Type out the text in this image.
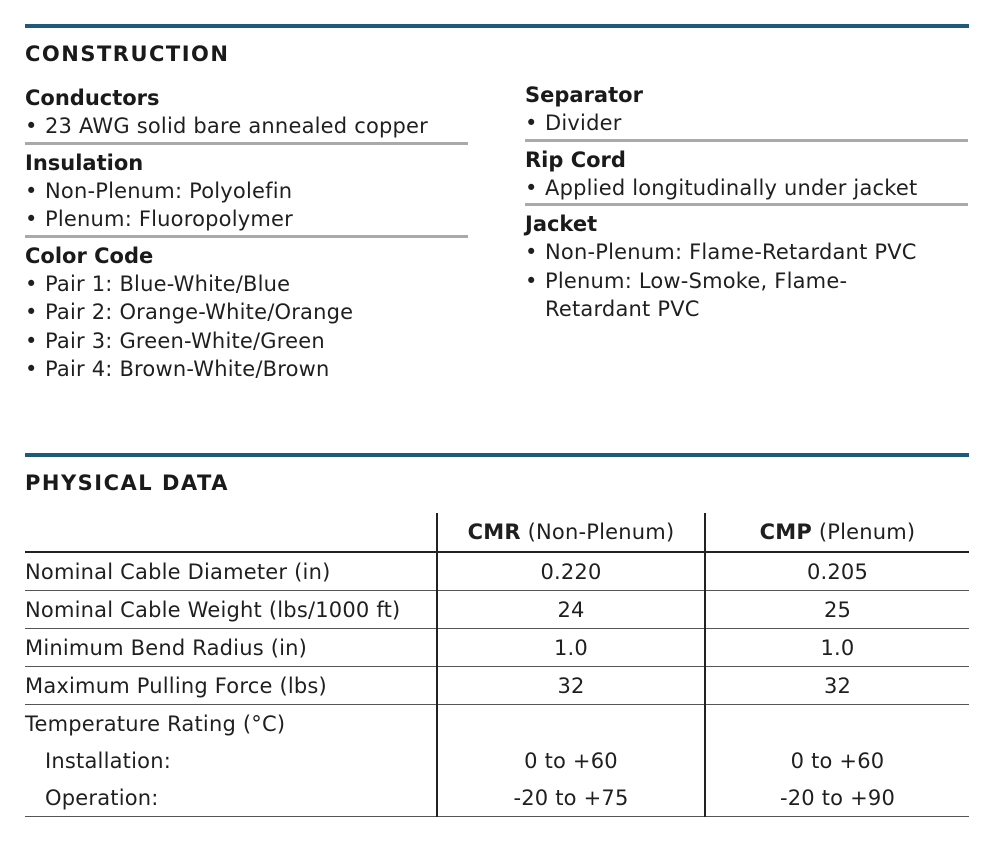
CONSTRUCTION
Conductors
• 23 AWG solid bare annealed copper
Insulation
• Non-Plenum: Polyolefin
• Plenum: Fluoropolymer
Color Code
• Pair 1: Blue-White/Blue
• Pair 2: Orange-White/Orange
• Pair 3: Green-White/Green
• Pair 4: Brown-White/Brown
Separator
• Divider
Rip Cord
• Applied longitudinally under jacket
Jacket
• Non-Plenum: Flame-Retardant PVC
• Plenum: Low-Smoke, Flame-Retardant PVC
PHYSICAL DATA
	CMR (Non-Plenum)	CMP (Plenum)
Nominal Cable Diameter (in)	0.220	0.205
Nominal Cable Weight (lbs/1000 ft)	24	25
Minimum Bend Radius (in)	1.0	1.0
Maximum Pulling Force (lbs)	32	32
Temperature Rating (°C)		
Installation:	0 to +60	0 to +60
Operation:	-20 to +75	-20 to +90
